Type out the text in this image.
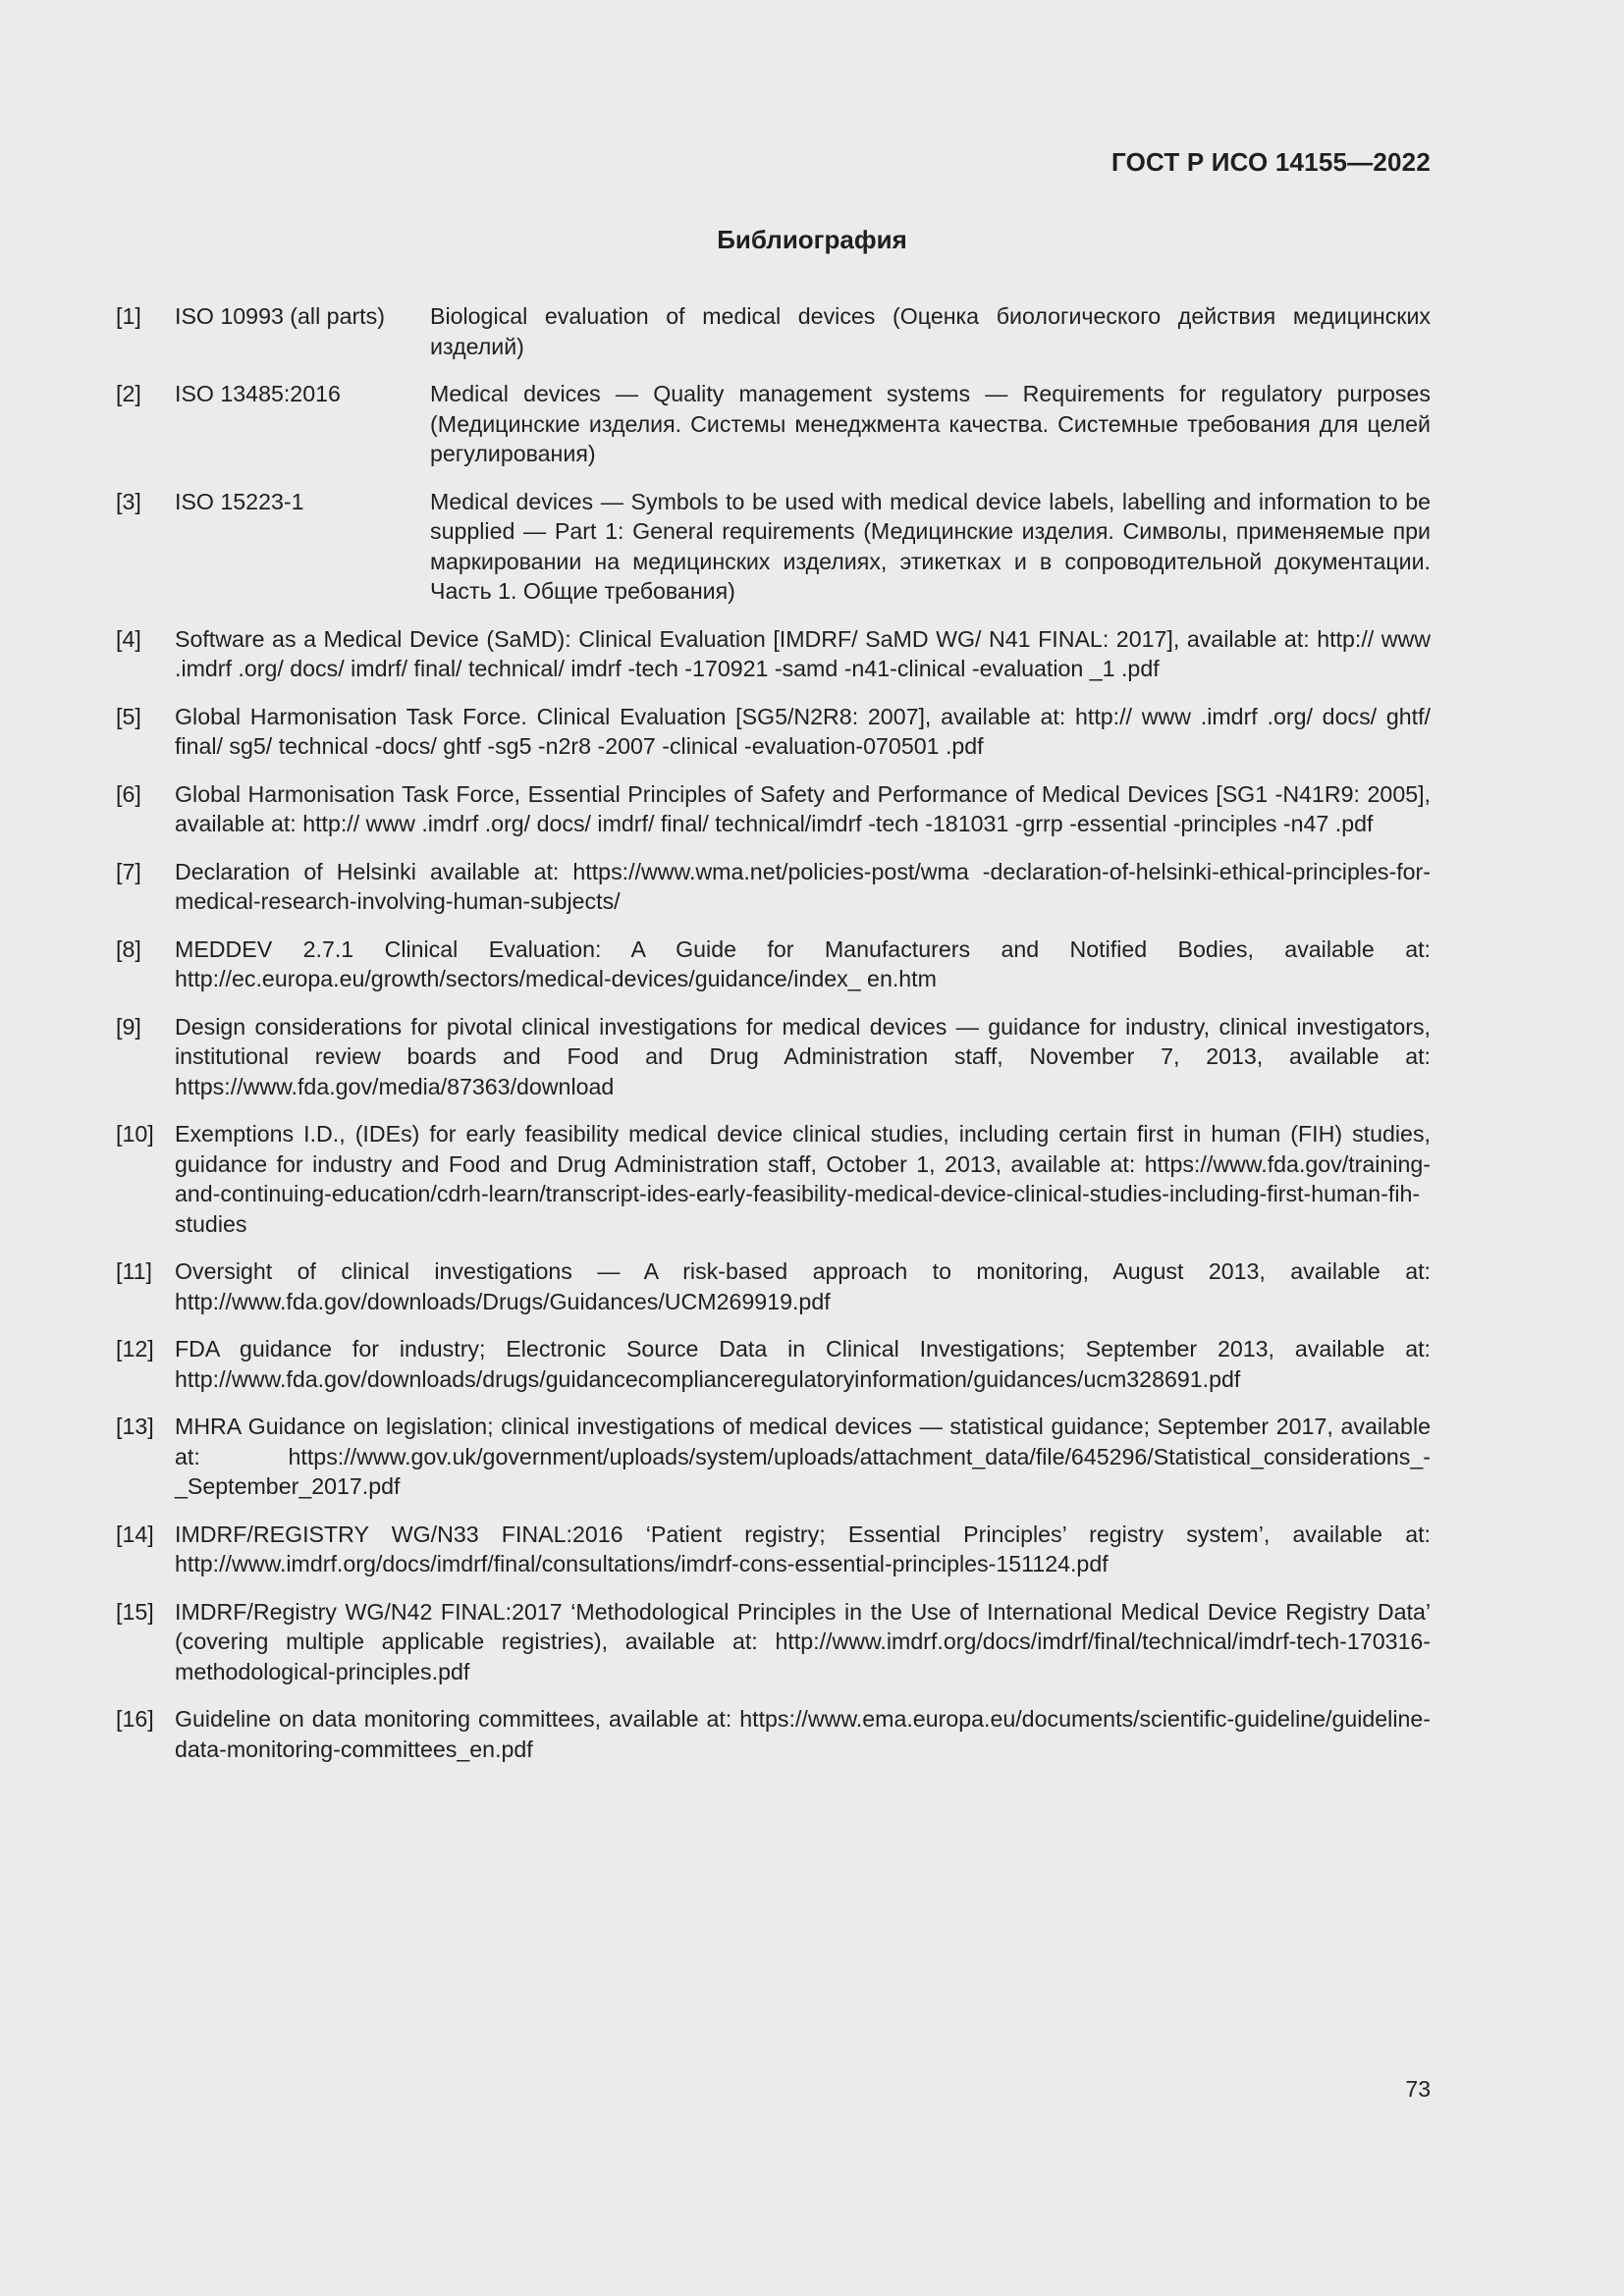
ГОСТ Р ИСО 14155—2022
Библиография
[1]	ISO 10993 (all parts)	Biological evaluation of medical devices (Оценка биологического действия медицинских изделий)
[2]	ISO 13485:2016	Medical devices — Quality management systems — Requirements for regulatory purposes (Медицинские изделия. Системы менеджмента качества. Системные требования для целей регулирования)
[3]	ISO 15223-1	Medical devices — Symbols to be used with medical device labels, labelling and information to be supplied — Part 1: General requirements (Медицинские изделия. Символы, применяемые при маркировании на медицинских изделиях, этикетках и в сопроводительной документации. Часть 1. Общие требования)
[4]	Software as a Medical Device (SaMD): Clinical Evaluation [IMDRF/ SaMD WG/ N41 FINAL: 2017], available at: http:// www .imdrf .org/ docs/ imdrf/ final/ technical/ imdrf -tech -170921 -samd -n41-clinical -evaluation _1 .pdf
[5]	Global Harmonisation Task Force. Clinical Evaluation [SG5/N2R8: 2007], available at: http:// www .imdrf .org/ docs/ ghtf/ final/ sg5/ technical -docs/ ghtf -sg5 -n2r8 -2007 -clinical -evaluation-070501 .pdf
[6]	Global Harmonisation Task Force, Essential Principles of Safety and Performance of Medical Devices [SG1 -N41R9: 2005], available at: http:// www .imdrf .org/ docs/ imdrf/ final/ technical/imdrf -tech -181031 -grrp -essential -principles -n47 .pdf
[7]	Declaration of Helsinki available at: https://www.wma.net/policies-post/wma -declaration-of-helsinki-ethical-principles-for-medical-research-involving-human-subjects/
[8]	MEDDEV 2.7.1 Clinical Evaluation: A Guide for Manufacturers and Notified Bodies, available at: http://ec.europa.eu/growth/sectors/medical-devices/guidance/index_ en.htm
[9]	Design considerations for pivotal clinical investigations for medical devices — guidance for industry, clinical investigators, institutional review boards and Food and Drug Administration staff, November 7, 2013, available at: https://www.fda.gov/media/87363/download
[10] Exemptions I.D., (IDEs) for early feasibility medical device clinical studies, including certain first in human (FIH) studies, guidance for industry and Food and Drug Administration staff, October 1, 2013, available at: https://www.fda.gov/training-and-continuing-education/cdrh-learn/transcript-ides-early-feasibility-medical-device-clinical-studies-including-first-human-fih-studies
[11] Oversight of clinical investigations — A risk-based approach to monitoring, August 2013, available at: http://www.fda.gov/downloads/Drugs/Guidances/UCM269919.pdf
[12] FDA guidance for industry; Electronic Source Data in Clinical Investigations; September 2013, available at: http://www.fda.gov/downloads/drugs/guidancecomplianceregulatoryinformation/guidances/ucm328691.pdf
[13] MHRA Guidance on legislation; clinical investigations of medical devices — statistical guidance; September 2017, available at: https://www.gov.uk/government/uploads/system/uploads/attachment_data/file/645296/Statistical_considerations_-_September_2017.pdf
[14] IMDRF/REGISTRY WG/N33 FINAL:2016 ‘Patient registry; Essential Principles’ registry system’, available at: http://www.imdrf.org/docs/imdrf/final/consultations/imdrf-cons-essential-principles-151124.pdf
[15] IMDRF/Registry WG/N42 FINAL:2017 ‘Methodological Principles in the Use of International Medical Device Registry Data’ (covering multiple applicable registries), available at: http://www.imdrf.org/docs/imdrf/final/technical/imdrf-tech-170316-methodological-principles.pdf
[16] Guideline on data monitoring committees, available at: https://www.ema.europa.eu/documents/scientific-guideline/guideline-data-monitoring-committees_en.pdf
73
